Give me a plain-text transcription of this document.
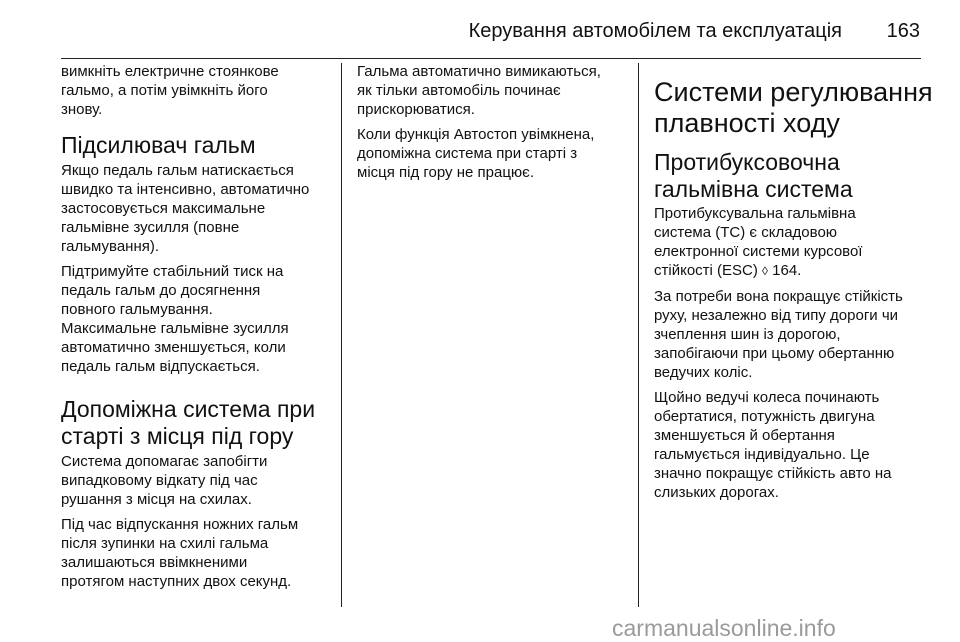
Керування автомобілем та експлуатація 163
вимкніть електричне стоянкове
гальмо, а потім увімкніть його
знову.
Підсилювач гальм
Якщо педаль гальм натискається
швидко та інтенсивно, автоматично
застосовується максимальне
гальмівне зусилля (повне
гальмування).
Підтримуйте стабільний тиск на
педаль гальм до досягнення
повного гальмування.
Максимальне гальмівне зусилля
автоматично зменшується, коли
педаль гальм відпускається.
Допоміжна система при
старті з місця під гору
Система допомагає запобігти
випадковому відкату під час
рушання з місця на схилах.
Під час відпускання ножних гальм
після зупинки на схилі гальма
залишаються ввімкненими
протягом наступних двох секунд.
Гальма автоматично вимикаються,
як тільки автомобіль починає
прискорюватися.
Коли функція Автостоп увімкнена,
допоміжна система при старті з
місця під гору не працює.
Системи регулювання
плавності ходу
Протибуксовочна
гальмівна система
Протибуксувальна гальмівна
система (TC) є складовою
електронної системи курсової
стійкості (ESC) ◊ 164.
За потреби вона покращує стійкість
руху, незалежно від типу дороги чи
зчеплення шин із дорогою,
запобігаючи при цьому обертанню
ведучих коліс.
Щойно ведучі колеса починають
обертатися, потужність двигуна
зменшується й обертання
гальмується індивідуально. Це
значно покращує стійкість авто на
слизьких дорогах.
carmanualsonline.info
